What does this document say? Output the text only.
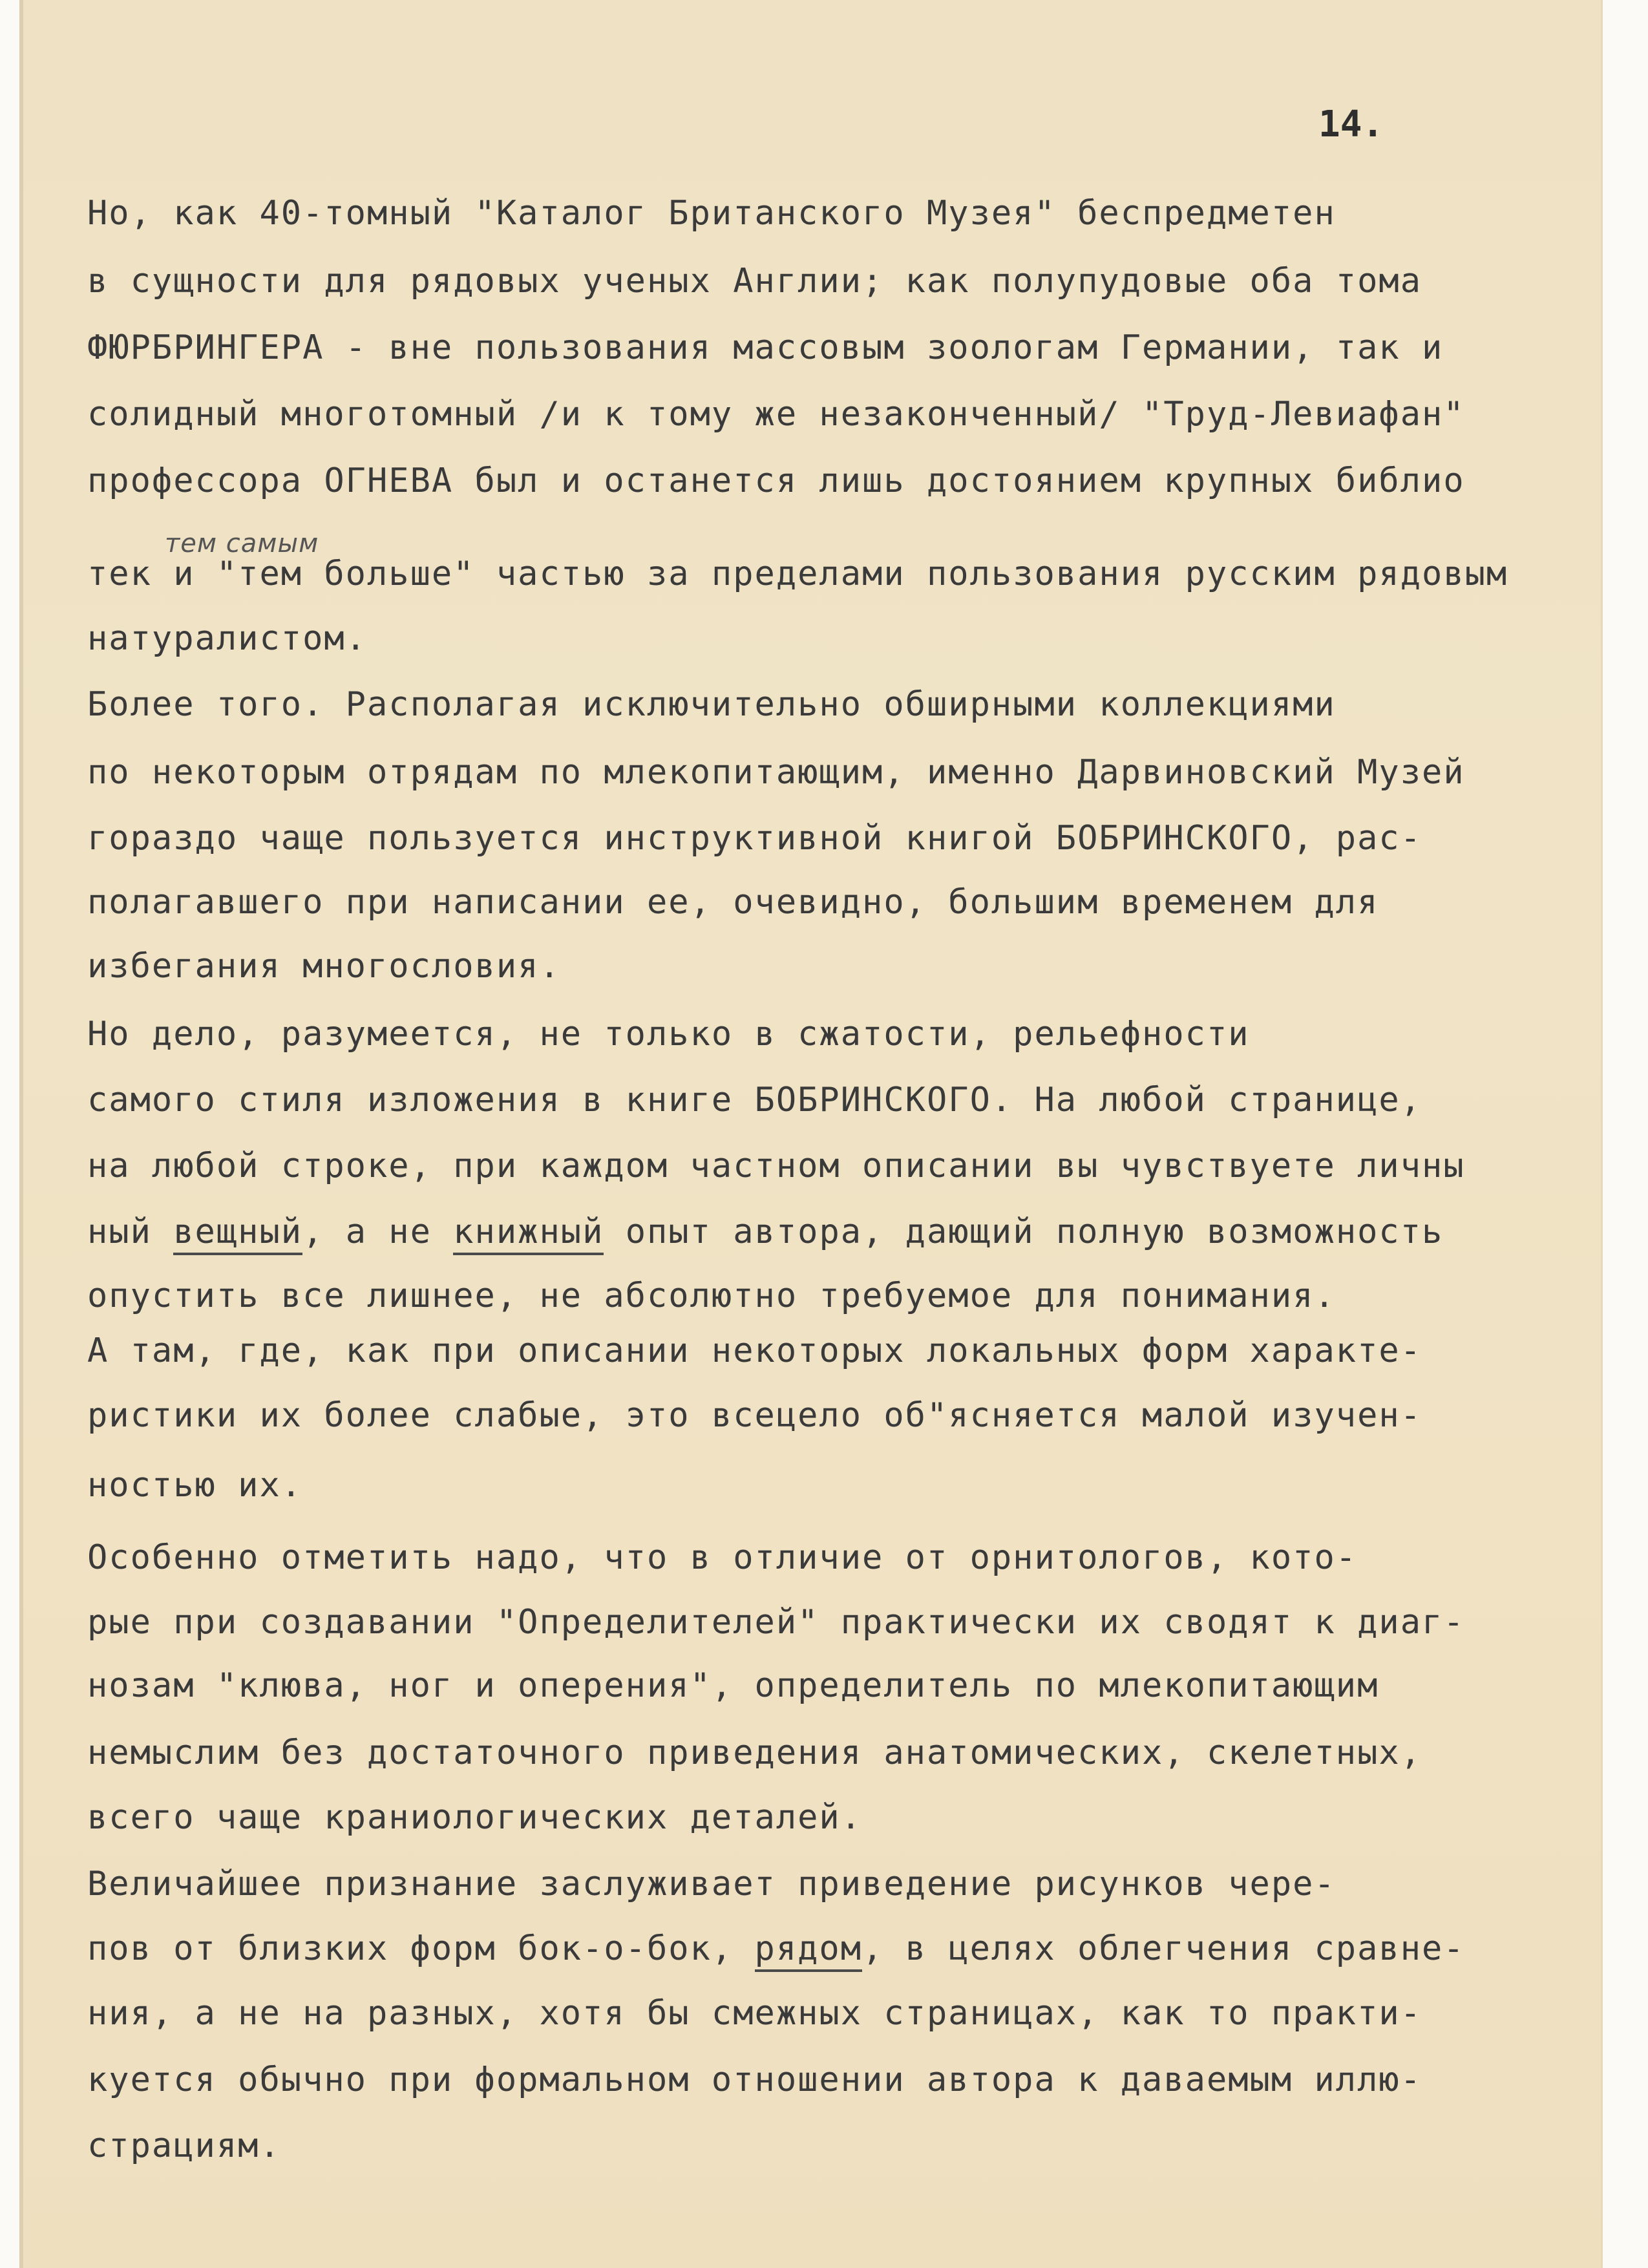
14.
тем самым
Но, как 40-томный "Каталог Британского Музея" беспредметен
в сущности для рядовых ученых Англии; как полупудовые оба тома
ФЮРБРИНГЕРА - вне пользования массовым зоологам Германии, так и
солидный многотомный /и к тому же незаконченный/ "Труд-Левиафан"
профессора ОГНЕВА был и останется лишь достоянием крупных библио
тек и "тем больше" частью за пределами пользования русским рядовым
натуралистом.
Более того. Располагая исключительно обширными коллекциями
по некоторым отрядам по млекопитающим, именно Дарвиновский Музей
гораздо чаще пользуется инструктивной книгой БОБРИНСКОГО, рас-
полагавшего при написании ее, очевидно, большим временем для
избегания многословия.
Но дело, разумеется, не только в сжатости, рельефности
самого стиля изложения в книге БОБРИНСКОГО. На любой странице,
на любой строке, при каждом частном описании вы чувствуете личны
ный вещный, а не книжный опыт автора, дающий полную возможность
опустить все лишнее, не абсолютно требуемое для понимания.
А там, где, как при описании некоторых локальных форм характе-
ристики их более слабые, это всецело об"ясняется малой изучен-
ностью их.
Особенно отметить надо, что в отличие от орнитологов, кото-
рые при создавании "Определителей" практически их сводят к диаг-
нозам "клюва, ног и оперения", определитель по млекопитающим
немыслим без достаточного приведения анатомических, скелетных,
всего чаще краниологических деталей.
Величайшее признание заслуживает приведение рисунков чере-
пов от близких форм бок-о-бок, рядом, в целях облегчения сравне-
ния, а не на разных, хотя бы смежных страницах, как то практи-
куется обычно при формальном отношении автора к даваемым иллю-
страциям.
